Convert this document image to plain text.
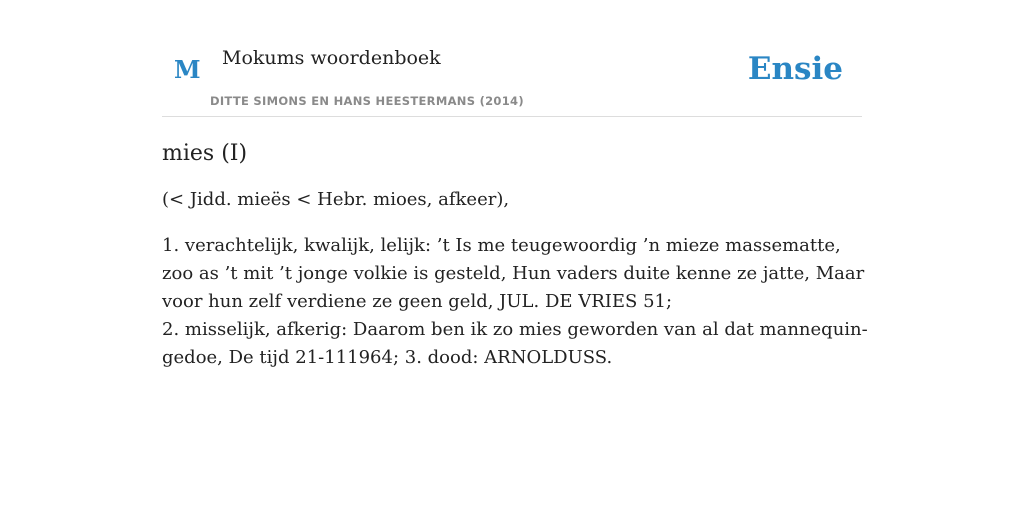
M Mokums woordenboek
DITTE SIMONS EN HANS HEESTERMANS (2014)
Ensie
mies (I)

(< Jidd. mieës < Hebr. mioes, afkeer),

1. verachtelijk, kwalijk, lelijk: ’t Is me teugewoordig ’n mieze massematte, zoo as ’t mit ’t jonge volkie is gesteld, Hun vaders duite kenne ze jatte, Maar voor hun zelf verdiene ze geen geld, JUL. DE VRIES 51;
2. misselijk, afkerig: Daarom ben ik zo mies geworden van al dat mannequin-gedoe, De tijd 21-111964; 3. dood: ARNOLDUSS.
